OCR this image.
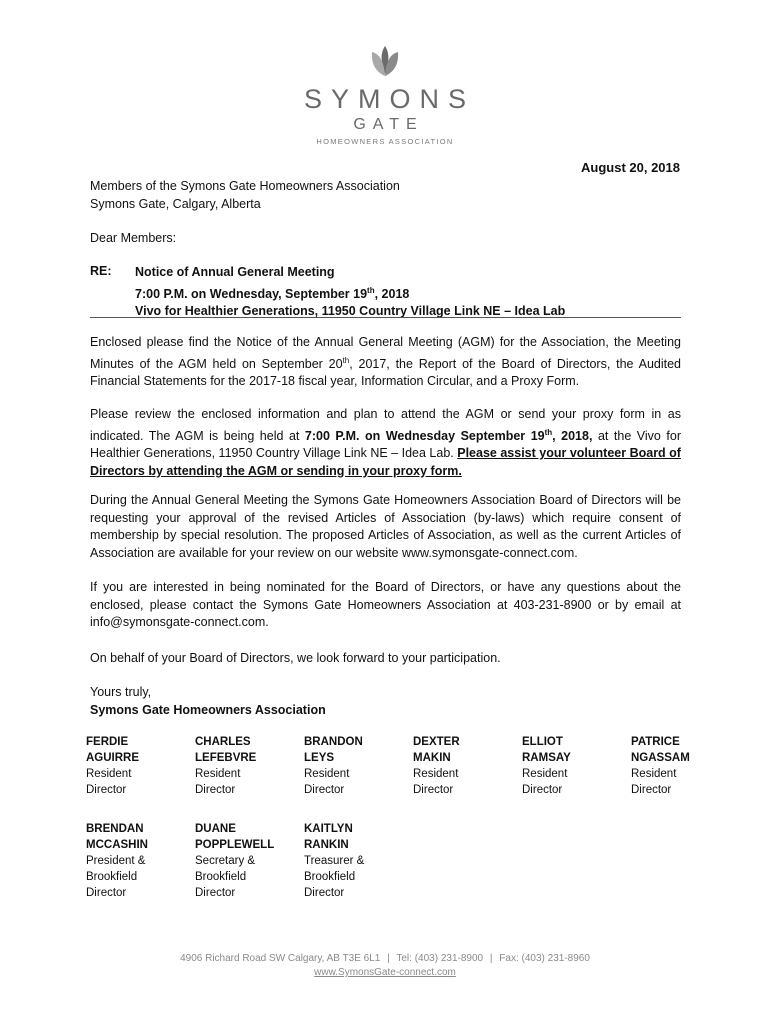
SYMONS
GATE
HOMEOWNERS ASSOCIATION
August 20, 2018
Members of the Symons Gate Homeowners Association
Symons Gate, Calgary, Alberta
Dear Members:
RE: Notice of Annual General Meeting
7:00 P.M. on Wednesday, September 19th, 2018
Vivo for Healthier Generations, 11950 Country Village Link NE – Idea Lab
Enclosed please find the Notice of the Annual General Meeting (AGM) for the Association, the Meeting Minutes of the AGM held on September 20th, 2017, the Report of the Board of Directors, the Audited Financial Statements for the 2017-18 fiscal year, Information Circular, and a Proxy Form.
Please review the enclosed information and plan to attend the AGM or send your proxy form in as indicated. The AGM is being held at 7:00 P.M. on Wednesday September 19th, 2018, at the Vivo for Healthier Generations, 11950 Country Village Link NE – Idea Lab. Please assist your volunteer Board of Directors by attending the AGM or sending in your proxy form.
During the Annual General Meeting the Symons Gate Homeowners Association Board of Directors will be requesting your approval of the revised Articles of Association (by-laws) which require consent of membership by special resolution. The proposed Articles of Association, as well as the current Articles of Association are available for your review on our website www.symonsgate-connect.com.
If you are interested in being nominated for the Board of Directors, or have any questions about the enclosed, please contact the Symons Gate Homeowners Association at 403-231-8900 or by email at info@symonsgate-connect.com.
On behalf of your Board of Directors, we look forward to your participation.
Yours truly,
Symons Gate Homeowners Association
FERDIE
AGUIRRE
Resident
Director
CHARLES
LEFEBVRE
Resident
Director
BRANDON
LEYS
Resident
Director
DEXTER
MAKIN
Resident
Director
ELLIOT
RAMSAY
Resident
Director
PATRICE
NGASSAM
Resident
Director
BRENDAN
MCCASHIN
President &
Brookfield
Director
DUANE
POPPLEWELL
Secretary &
Brookfield
Director
KAITLYN
RANKIN
Treasurer &
Brookfield
Director
4906 Richard Road SW Calgary, AB T3E 6L1 | Tel: (403) 231-8900 | Fax: (403) 231-8960
www.SymonsGate-connect.com
